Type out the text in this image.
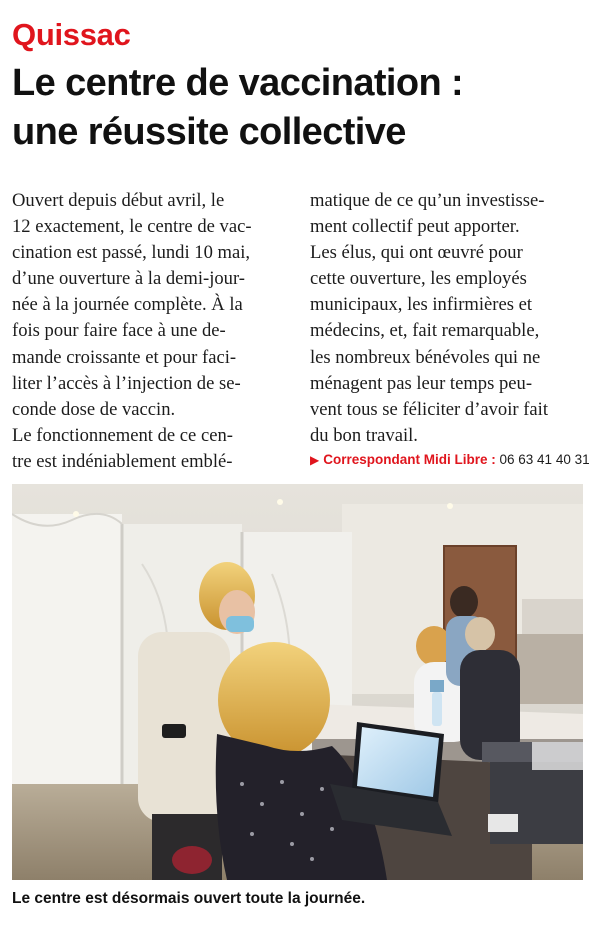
Quissac
Le centre de vaccination :
une réussite collective
Ouvert depuis début avril, le
12 exactement, le centre de vac-
cination est passé, lundi 10 mai,
d’une ouverture à la demi-jour-
née à la journée complète. À la
fois pour faire face à une de-
mande croissante et pour faci-
liter l’accès à l’injection de se-
conde dose de vaccin.
Le fonctionnement de ce cen-
tre est indéniablement emblé-
matique de ce qu’un investisse-
ment collectif peut apporter.
Les élus, qui ont œuvré pour
cette ouverture, les employés
municipaux, les infirmières et
médecins, et, fait remarquable,
les nombreux bénévoles qui ne
ménagent pas leur temps peu-
vent tous se féliciter d’avoir fait
du bon travail.
▶ Correspondant Midi Libre : 06 63 41 40 31
Le centre est désormais ouvert toute la journée.
